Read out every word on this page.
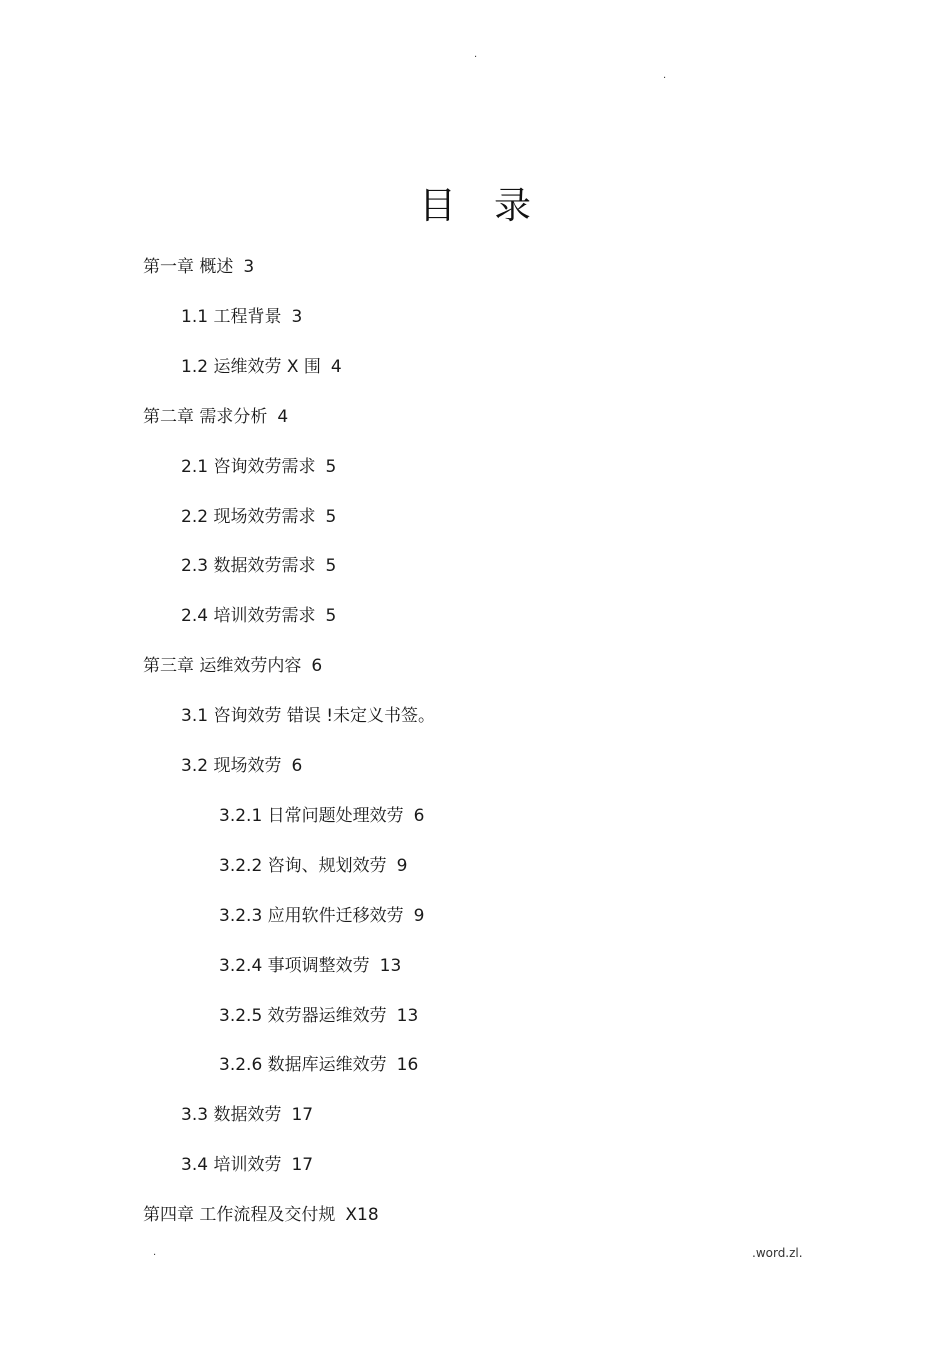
.
.
目录
第一章 概述 3
1.1 工程背景 3
1.2 运维效劳 X 围 4
第二章 需求分析 4
2.1 咨询效劳需求 5
2.2 现场效劳需求 5
2.3 数据效劳需求 5
2.4 培训效劳需求 5
第三章 运维效劳内容 6
3.1 咨询效劳 错误 !未定义书签。
3.2 现场效劳 6
3.2.1 日常问题处理效劳 6
3.2.2 咨询、规划效劳 9
3.2.3 应用软件迁移效劳 9
3.2.4 事项调整效劳 13
3.2.5 效劳器运维效劳 13
3.2.6 数据库运维效劳 16
3.3 数据效劳 17
3.4 培训效劳 17
第四章 工作流程及交付规 X18
.	.word.zl.
